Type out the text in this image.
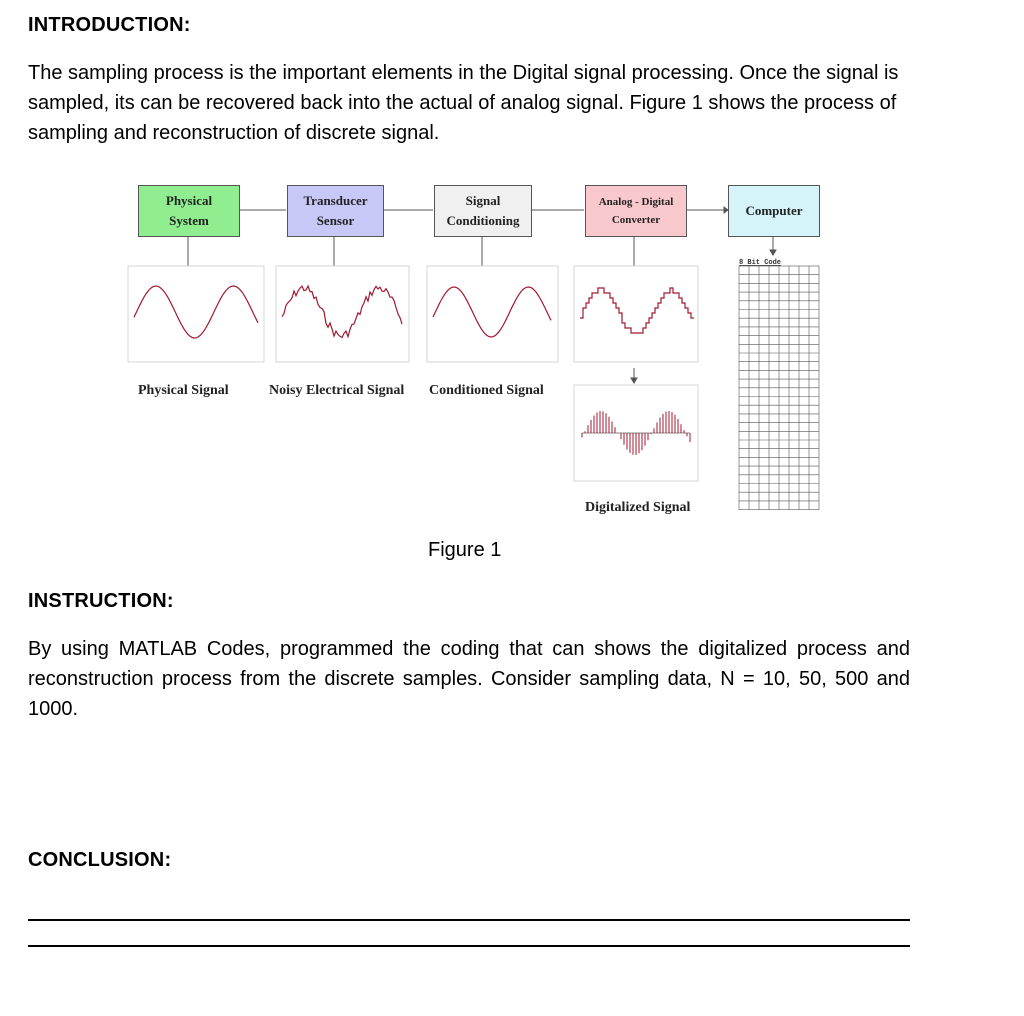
INTRODUCTION:

The sampling process is the important elements in the Digital signal processing. Once the signal is sampled, its can be recovered back into the actual of analog signal. Figure 1 shows the process of sampling and reconstruction of discrete signal.

Physical
System
Transducer
Sensor
Signal
Conditioning
Analog - Digital
Converter
Computer
8 Bit Code
Physical Signal	Noisy Electrical Signal Conditioned Signal
Digitalized Signal
Figure 1
INSTRUCTION:

By using MATLAB Codes, programmed the coding that can shows the digitalized process and reconstruction process from the discrete samples. Consider sampling data, N = 10, 50, 500 and 1000.

CONCLUSION:
